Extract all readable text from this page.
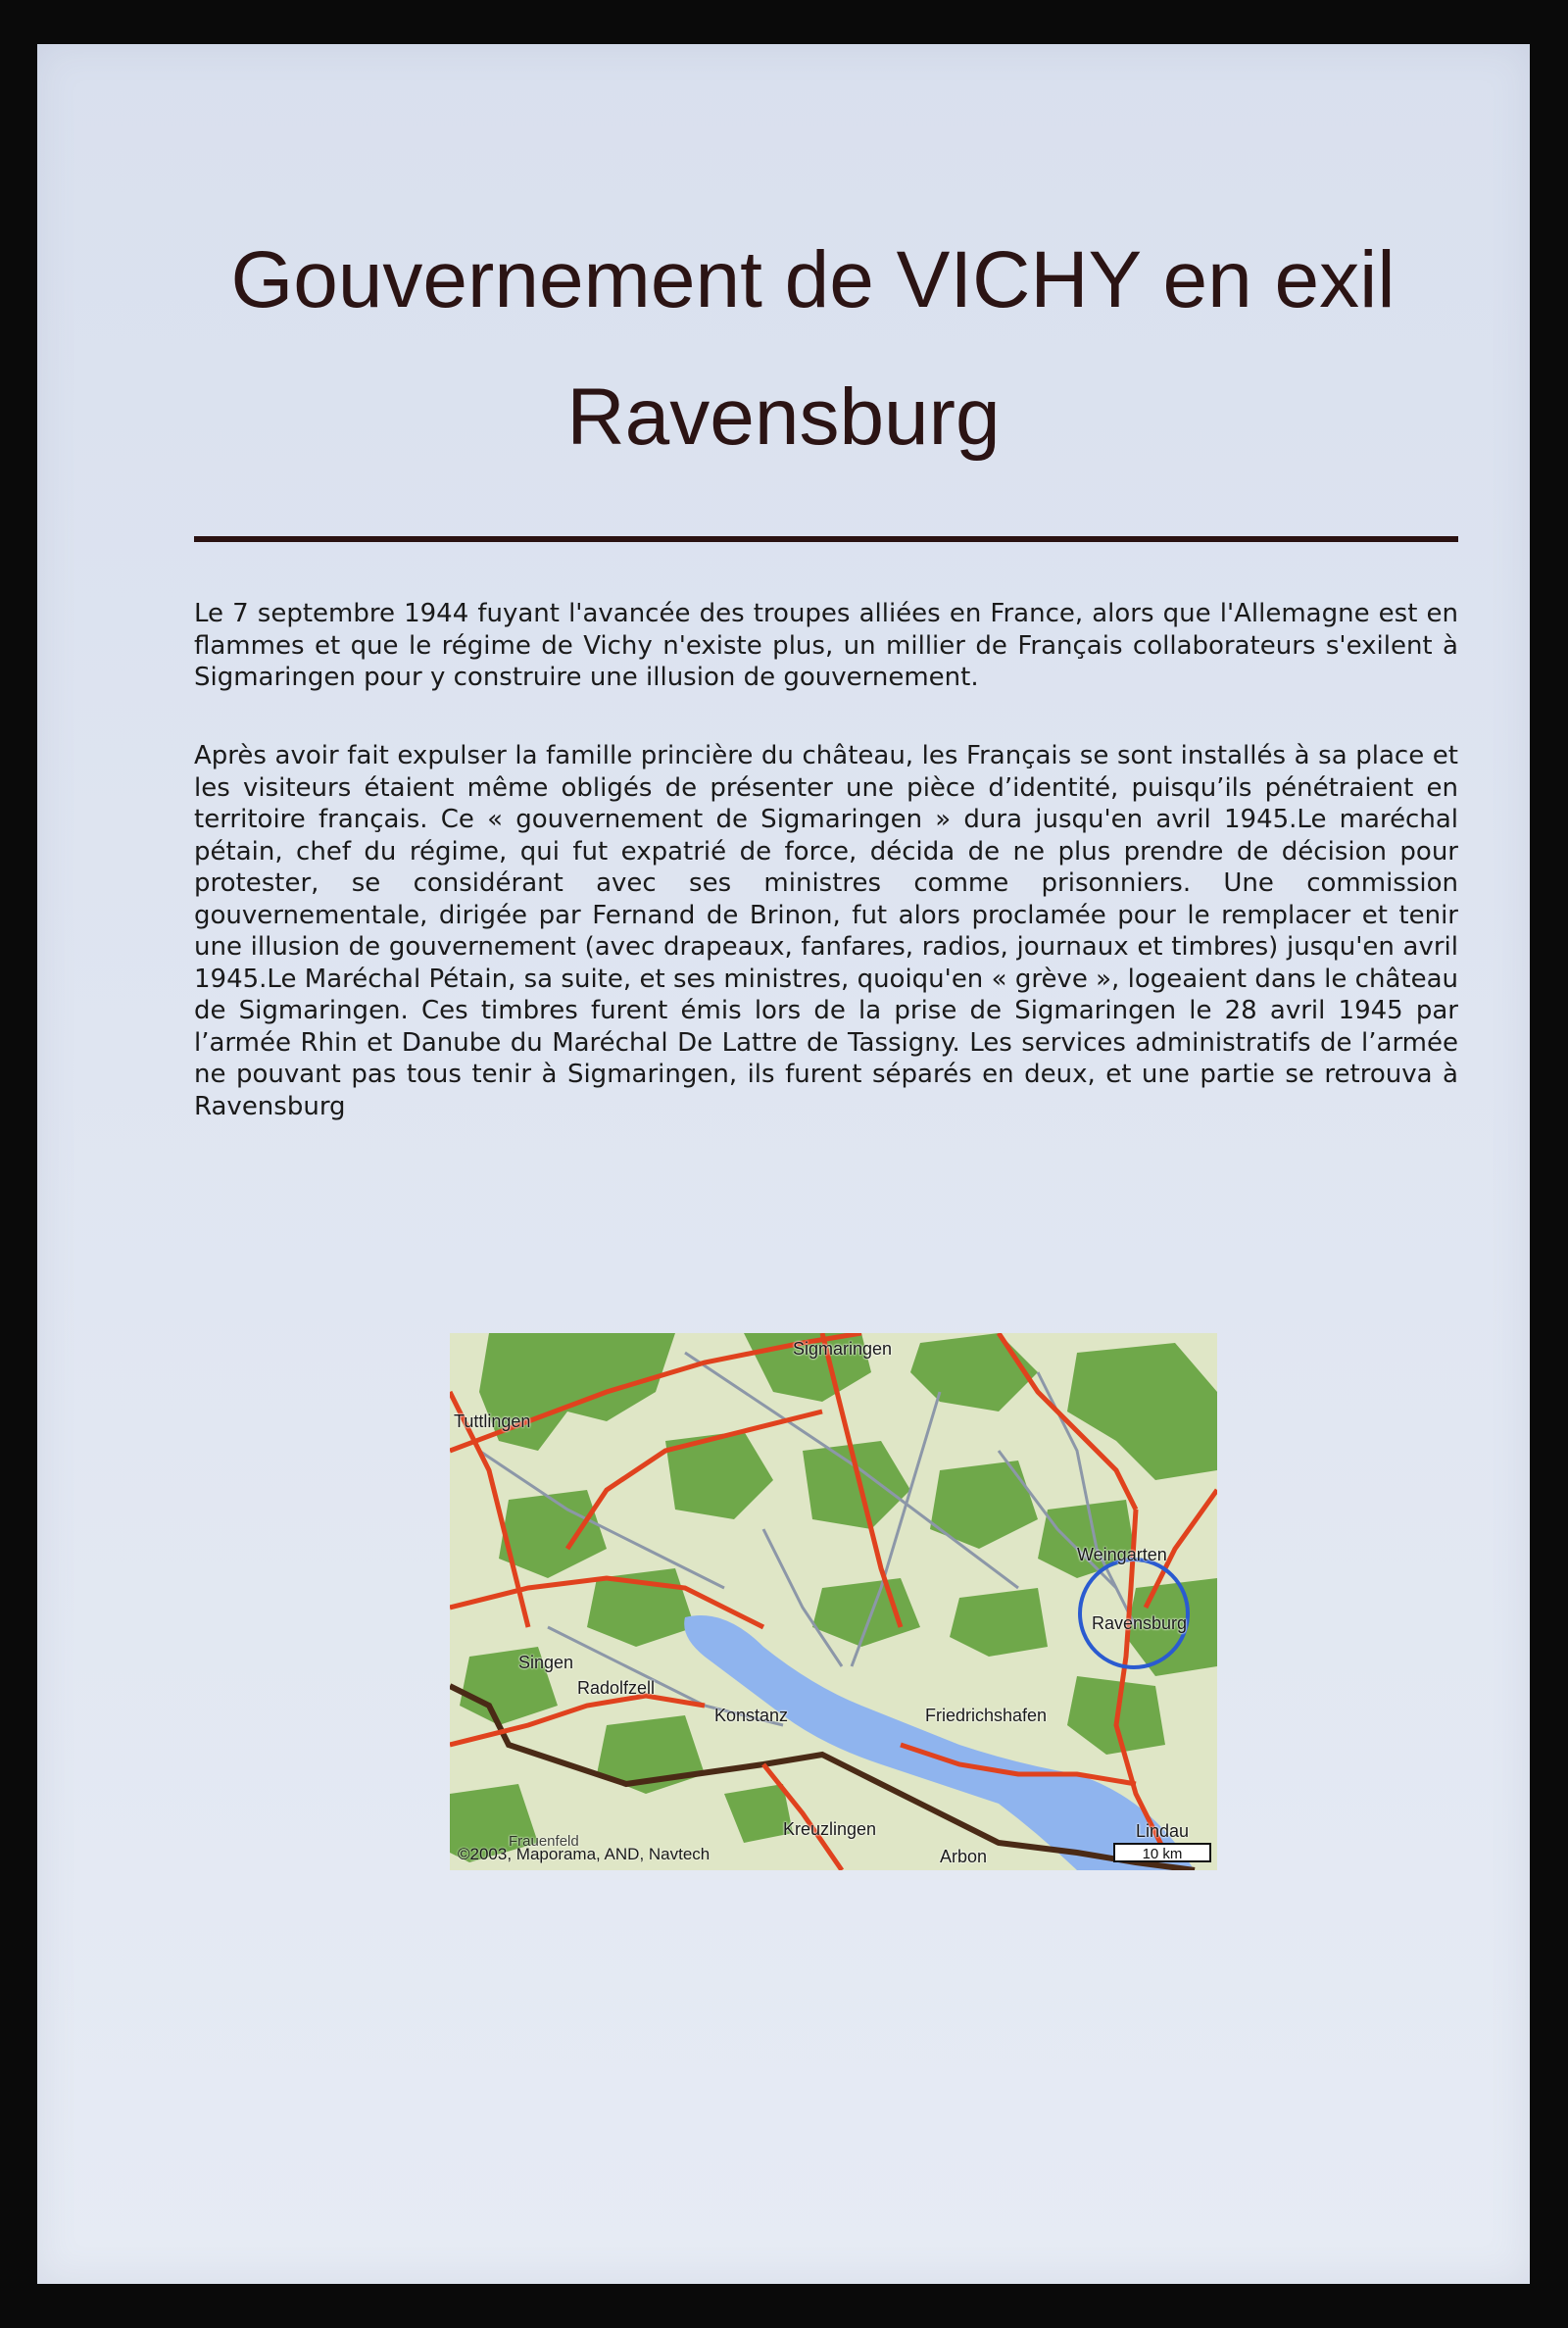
Gouvernement de VICHY en exil
Ravensburg

Le 7 septembre 1944 fuyant l'avancée des troupes alliées en France, alors que l'Allemagne est en flammes et que le régime de Vichy n'existe plus, un millier de Français collaborateurs s'exilent à Sigmaringen pour y construire une illusion de gouvernement.

Après avoir fait expulser la famille princière du château, les Français se sont installés à sa place et les visiteurs étaient même obligés de présenter une pièce d’identité, puisqu’ils pénétraient en territoire français. Ce « gouvernement de Sigmaringen » dura jusqu'en avril 1945.Le maréchal pétain, chef du régime, qui fut expatrié de force, décida de ne plus prendre de décision pour protester, se considérant avec ses ministres comme prisonniers. Une commission gouvernementale, dirigée par Fernand de Brinon, fut alors proclamée pour le remplacer et tenir une illusion de gouvernement (avec drapeaux, fanfares, radios, journaux et timbres) jusqu'en avril 1945.Le Maréchal Pétain, sa suite, et ses ministres, quoiqu'en « grève », logeaient dans le château de Sigmaringen. Ces timbres furent émis lors de la prise de Sigmaringen le 28 avril 1945 par l’armée Rhin et Danube du Maréchal De Lattre de Tassigny. Les services administratifs de l’armée ne pouvant pas tous tenir à Sigmaringen, ils furent séparés en deux, et une partie se retrouva à Ravensburg

Sigmaringen
Tuttlingen
Weingarten
Ravensburg
Singen
Radolfzell
Konstanz	Friedrichshafen
Kreuzlingen
Arbon
Lindau
Frauenfeld
©2003, Maporama, AND, Navtech	10 km
